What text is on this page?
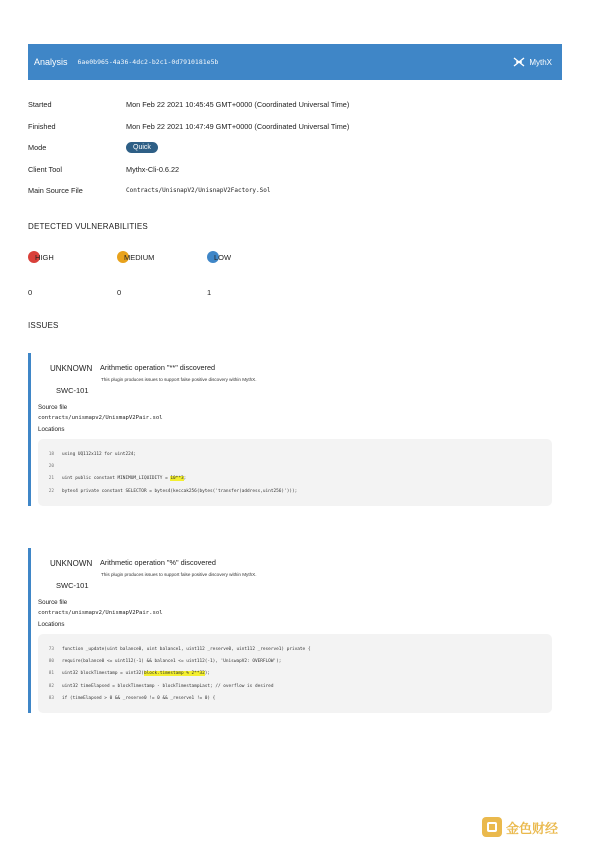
Analysis 6ae0b965-4a36-4dc2-b2c1-0d7910181e5b	MythX
Started	Mon Feb 22 2021 10:45:45 GMT+0000 (Coordinated Universal Time)
Finished	Mon Feb 22 2021 10:47:49 GMT+0000 (Coordinated Universal Time)
Mode	Quick
Client Tool	Mythx-Cli-0.6.22
Main Source File	Contracts/UnisnapV2/UnisnapV2Factory.Sol
DETECTED VULNERABILITIES
HIGH	MEDIUM	LOW
0	0	1
ISSUES
UNKNOWN
SWC-101
Arithmetic operation "**" discovered
This plugin produces issues to support false positive discovery within MythX.
Source file
contracts/unismapv2/UnismapV2Pair.sol
Locations
18	using UQ112x112 for uint224;
20
21	uint public constant MINIMUM_LIQUIDITY = 10**3;
22	bytes4 private constant SELECTOR = bytes4(keccak256(bytes('transfer(address,uint256)')));
UNKNOWN
SWC-101
Arithmetic operation "%" discovered
This plugin produces issues to support false positive discovery within MythX.
Source file
contracts/unismapv2/UnismapV2Pair.sol
Locations
73	function _update(uint balance0, uint balance1, uint112 _reserve0, uint112 _reserve1) private {
80	require(balance0 <= uint112(-1) && balance1 <= uint112(-1), 'UniswapV2: OVERFLOW');
81	uint32 blockTimestamp = uint32(block.timestamp % 2**32);
82	uint32 timeElapsed = blockTimestamp - blockTimestampLast; // overflow is desired
83	if (timeElapsed > 0 && _reserve0 != 0 && _reserve1 != 0) {
金色财经
